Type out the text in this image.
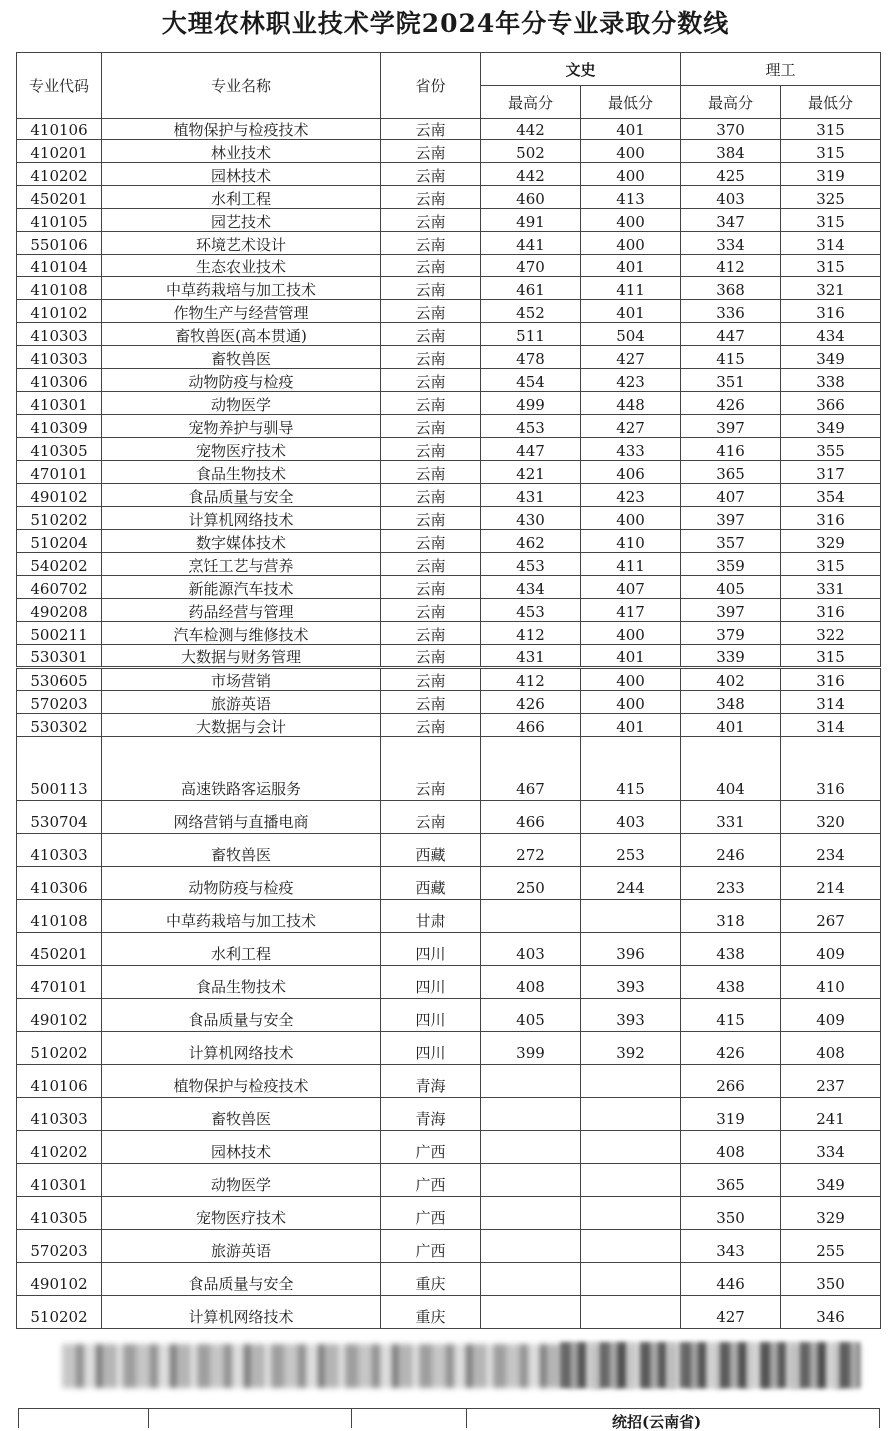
大理农林职业技术学院2024年分专业录取分数线
专业代码	专业名称	省份	文史		理工	
			最高分	最低分	最高分	最低分
410106	植物保护与检疫技术	云南	442	401	370	315
410201	林业技术	云南	502	400	384	315
410202	园林技术	云南	442	400	425	319
450201	水利工程	云南	460	413	403	325
410105	园艺技术	云南	491	400	347	315
550106	环境艺术设计	云南	441	400	334	314
410104	生态农业技术	云南	470	401	412	315
410108	中草药栽培与加工技术	云南	461	411	368	321
410102	作物生产与经营管理	云南	452	401	336	316
410303	畜牧兽医(高本贯通)	云南	511	504	447	434
410303	畜牧兽医	云南	478	427	415	349
410306	动物防疫与检疫	云南	454	423	351	338
410301	动物医学	云南	499	448	426	366
410309	宠物养护与驯导	云南	453	427	397	349
410305	宠物医疗技术	云南	447	433	416	355
470101	食品生物技术	云南	421	406	365	317
490102	食品质量与安全	云南	431	423	407	354
510202	计算机网络技术	云南	430	400	397	316
510204	数字媒体技术	云南	462	410	357	329
540202	烹饪工艺与营养	云南	453	411	359	315
460702	新能源汽车技术	云南	434	407	405	331
490208	药品经营与管理	云南	453	417	397	316
500211	汽车检测与维修技术	云南	412	400	379	322
530301	大数据与财务管理	云南	431	401	339	315
530605	市场营销	云南	412	400	402	316
570203	旅游英语	云南	426	400	348	314
530302	大数据与会计	云南	466	401	401	314
500113	高速铁路客运服务	云南	467	415	404	316
530704	网络营销与直播电商	云南	466	403	331	320
410303	畜牧兽医	西藏	272	253	246	234
410306	动物防疫与检疫	西藏	250	244	233	214
410108	中草药栽培与加工技术	甘肃			318	267
450201	水利工程	四川	403	396	438	409
470101	食品生物技术	四川	408	393	438	410
490102	食品质量与安全	四川	405	393	415	409
510202	计算机网络技术	四川	399	392	426	408
410106	植物保护与检疫技术	青海			266	237
410303	畜牧兽医	青海			319	241
410202	园林技术	广西			408	334
410301	动物医学	广西			365	349
410305	宠物医疗技术	广西			350	329
570203	旅游英语	广西			343	255
490102	食品质量与安全	重庆			446	350
510202	计算机网络技术	重庆			427	346
统招(云南省)
